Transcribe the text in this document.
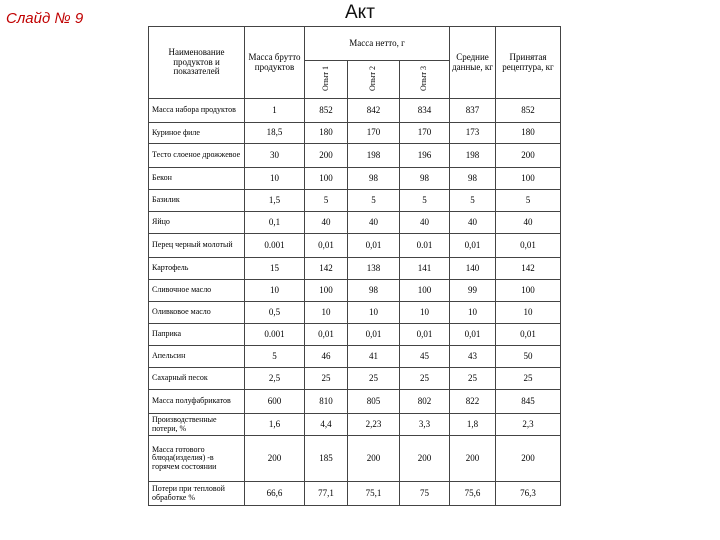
Слайд № 9	Акт
Наименование продуктов и показателей	Масса брутто продуктов	Масса нетто, г			Средние данные, кг	Принятая рецептура, кг
		Опыт 1	Опыт 2	Опыт 3		
Масса набора продуктов	1	852	842	834	837	852
Куриное филе	18,5	180	170	170	173	180
Тесто слоеное дрожжевое	30	200	198	196	198	200
Бекон	10	100	98	98	98	100
Базилик	1,5	5	5	5	5	5
Яйцо	0,1	40	40	40	40	40
Перец черный молотый	0.001	0,01	0,01	0.01	0,01	0,01
Картофель	15	142	138	141	140	142
Сливочное масло	10	100	98	100	99	100
Оливковое масло	0,5	10	10	10	10	10
Паприка	0.001	0,01	0,01	0,01	0,01	0,01
Апельсин	5	46	41	45	43	50
Сахарный песок	2,5	25	25	25	25	25
Масса полуфабрикатов	600	810	805	802	822	845
Производственные потери, %	1,6	4,4	2,23	3,3	1,8	2,3
Масса готового блюда(изделия) -в горячем состоянии	200	185	200	200	200	200
Потери при тепловой обработке %	66,6	77,1	75,1	75	75,6	76,3
